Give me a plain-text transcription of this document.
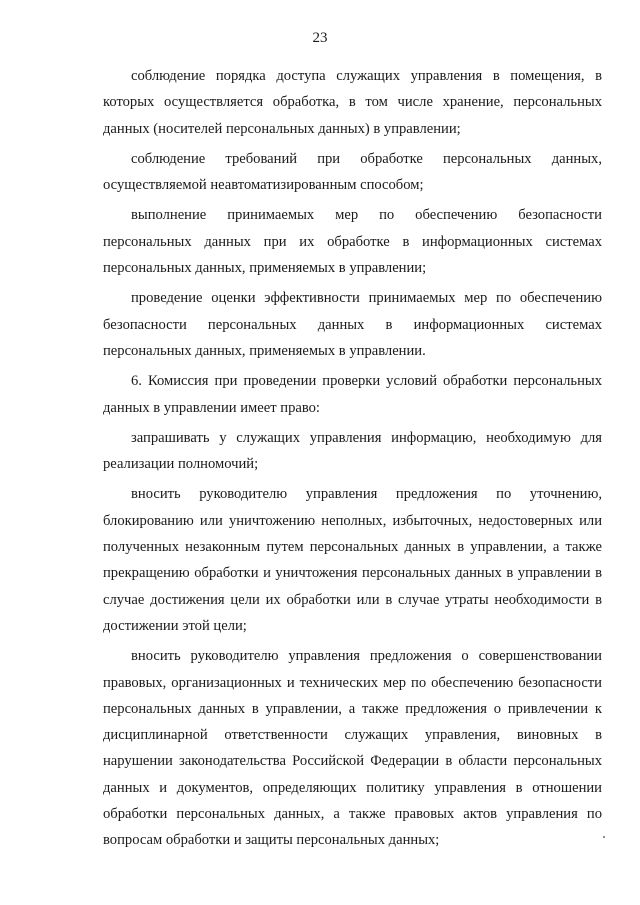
23

соблюдение порядка доступа служащих управления в помещения, в которых осуществляется обработка, в том числе хранение, персональных данных (носителей персональных данных) в управлении;

соблюдение требований при обработке персональных данных, осуществляемой неавтоматизированным способом;

выполнение принимаемых мер по обеспечению безопасности персональных данных при их обработке в информационных системах персональных данных, применяемых в управлении;

проведение оценки эффективности принимаемых мер по обеспечению безопасности персональных данных в информационных системах персональных данных, применяемых в управлении.

6. Комиссия при проведении проверки условий обработки персональных данных в управлении имеет право:

запрашивать у служащих управления информацию, необходимую для реализации полномочий;

вносить руководителю управления предложения по уточнению, блокированию или уничтожению неполных, избыточных, недостоверных или полученных незаконным путем персональных данных в управлении, а также прекращению обработки и уничтожения персональных данных в управлении в случае достижения цели их обработки или в случае утраты необходимости в достижении этой цели;

вносить руководителю управления предложения о совершенствовании правовых, организационных и технических мер по обеспечению безопасности персональных данных в управлении, а также предложения о привлечении к дисциплинарной ответственности служащих управления, виновных в нарушении законодательства Российской Федерации в области персональных данных и документов, определяющих политику управления в отношении обработки персональных данных, а также правовых актов управления по вопросам обработки и защиты персональных данных;
